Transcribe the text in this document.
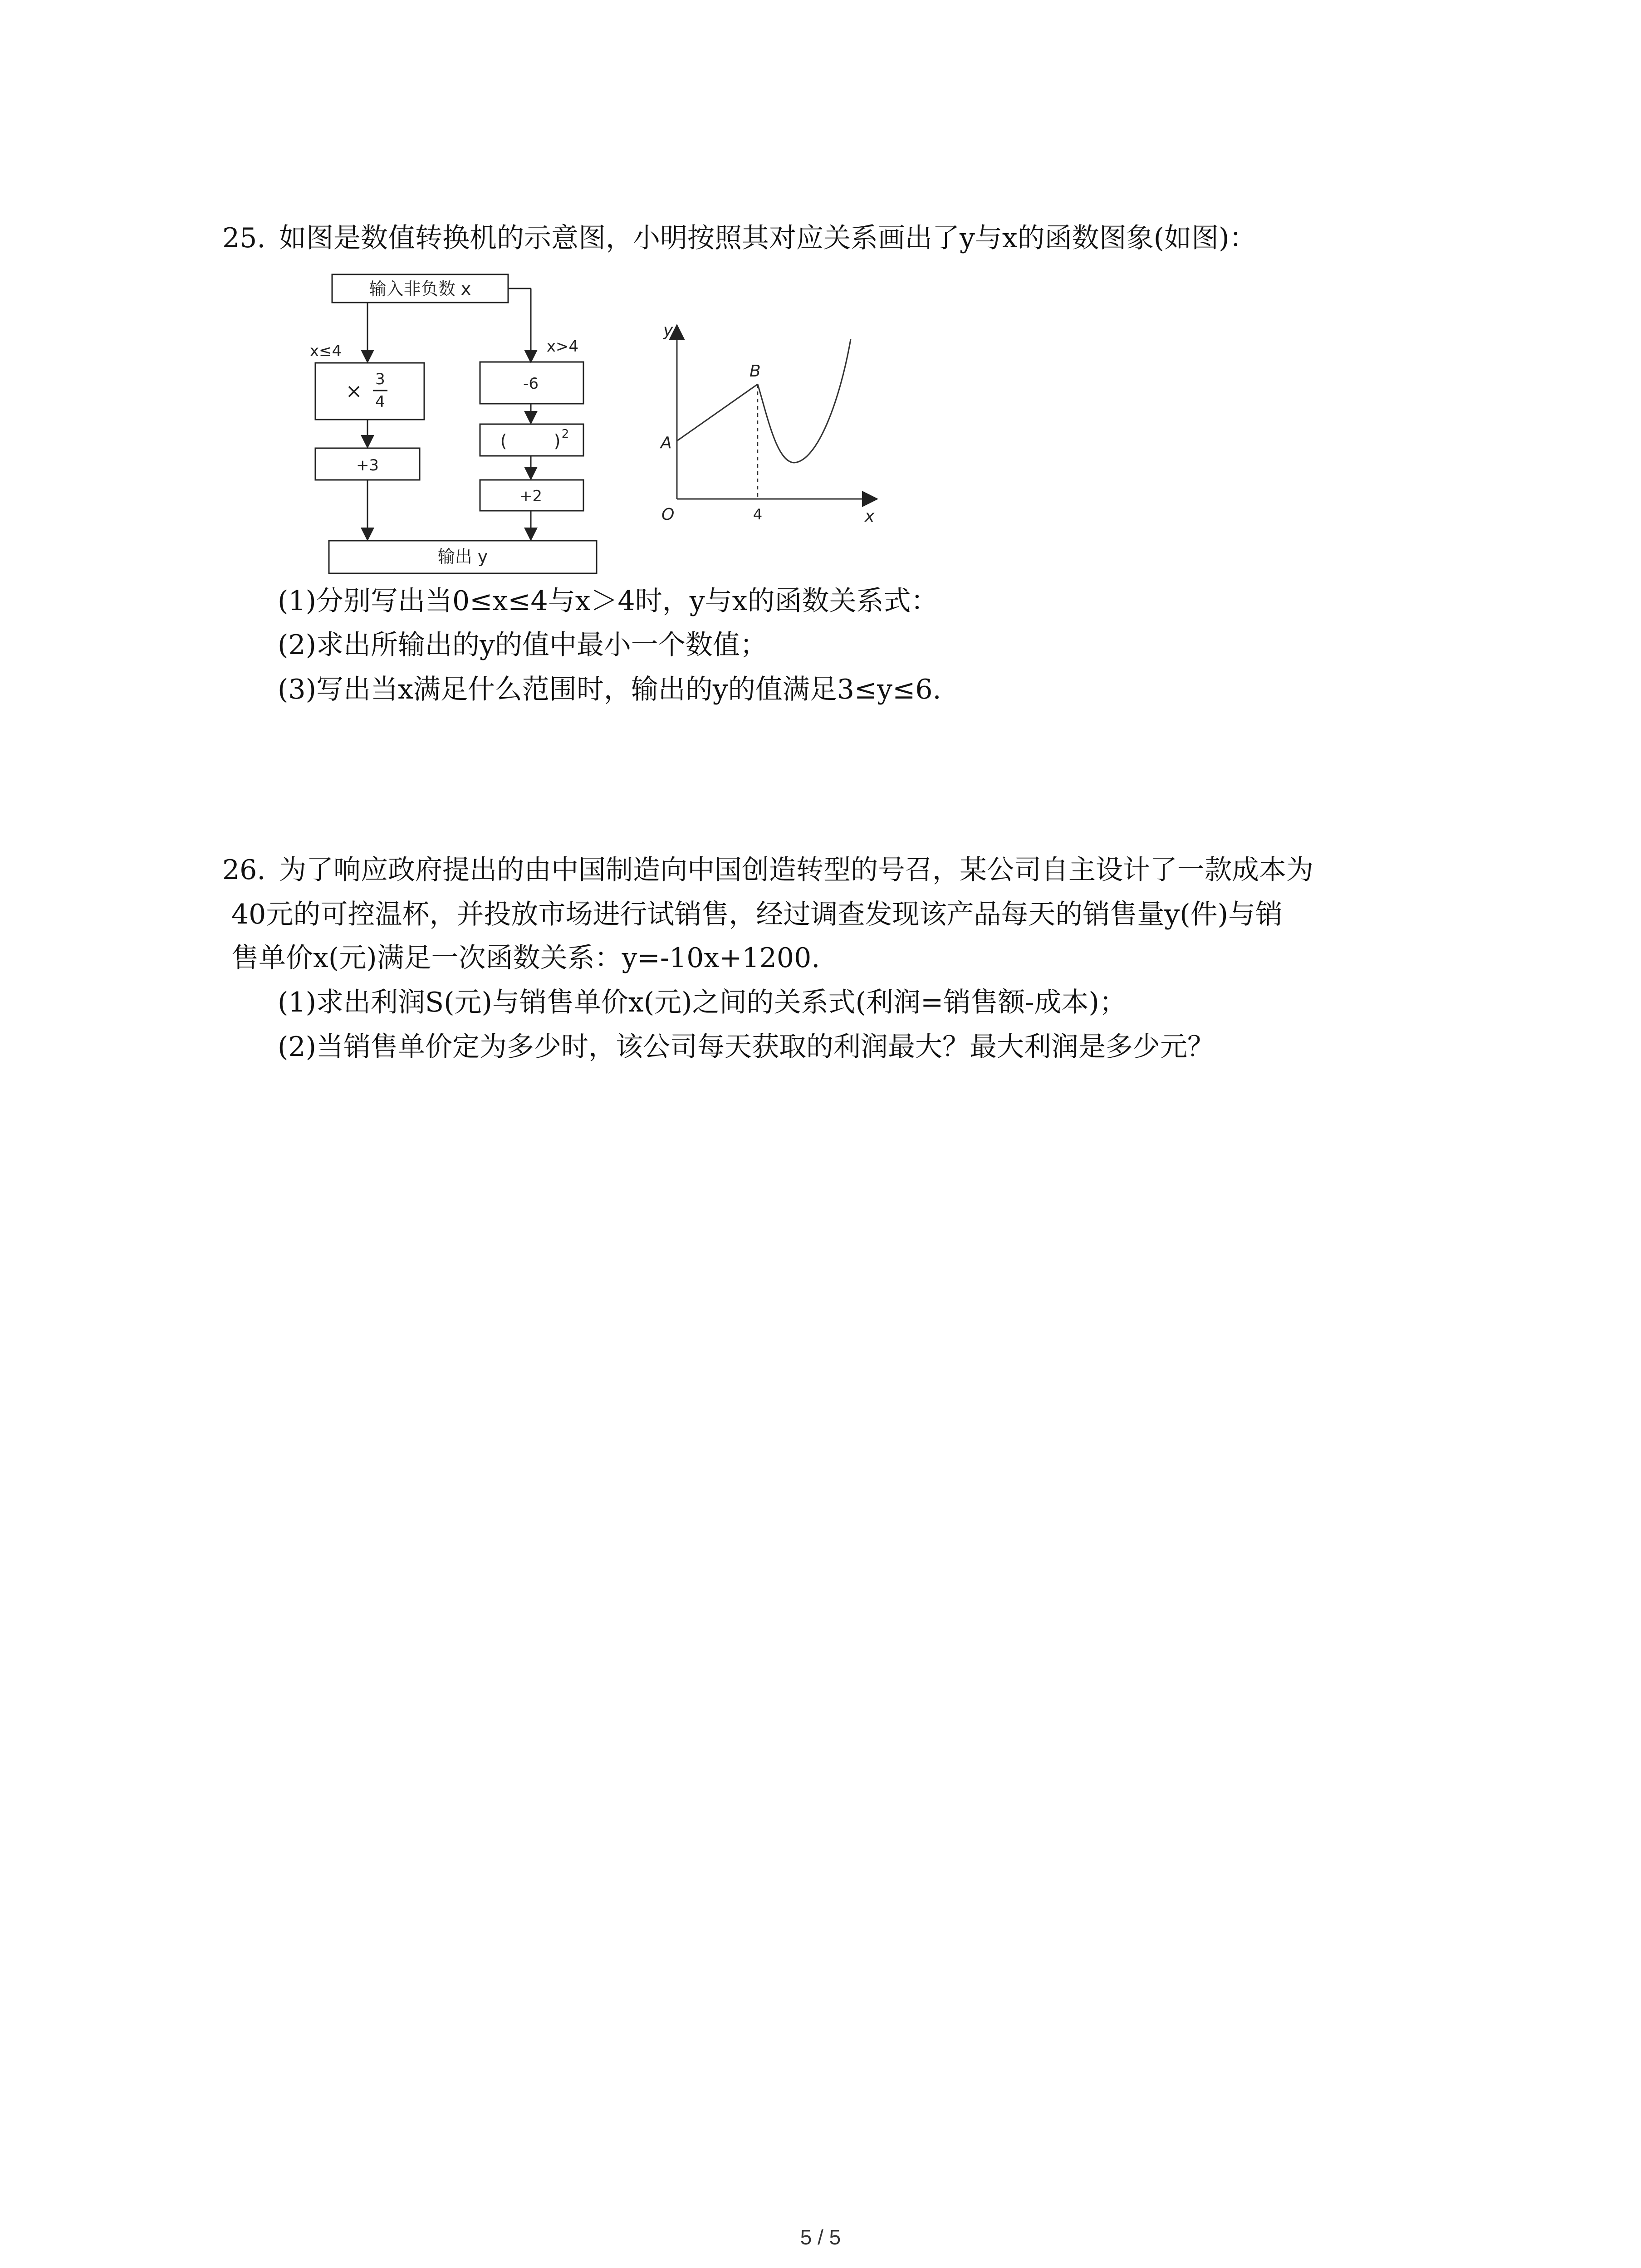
25. 如图是数值转换机的示意图，小明按照其对应关系画出了y与x的函数图象(如图)：
输入非负数 x
x≤4	x>4
×
3
4
+3
-6
(	) 2
+2
输出 y
y
x
O
A
B
4
(1)分别写出当0≤x≤4与x＞4时，y与x的函数关系式：
(2)求出所输出的y的值中最小一个数值；
(3)写出当x满足什么范围时，输出的y的值满足3≤y≤6.
26. 为了响应政府提出的由中国制造向中国创造转型的号召，某公司自主设计了一款成本为
40元的可控温杯，并投放市场进行试销售，经过调查发现该产品每天的销售量y(件)与销
售单价x(元)满足一次函数关系：y=-10x+1200.
(1)求出利润S(元)与销售单价x(元)之间的关系式(利润=销售额-成本)；
(2)当销售单价定为多少时，该公司每天获取的利润最大？最大利润是多少元？
5 / 5
